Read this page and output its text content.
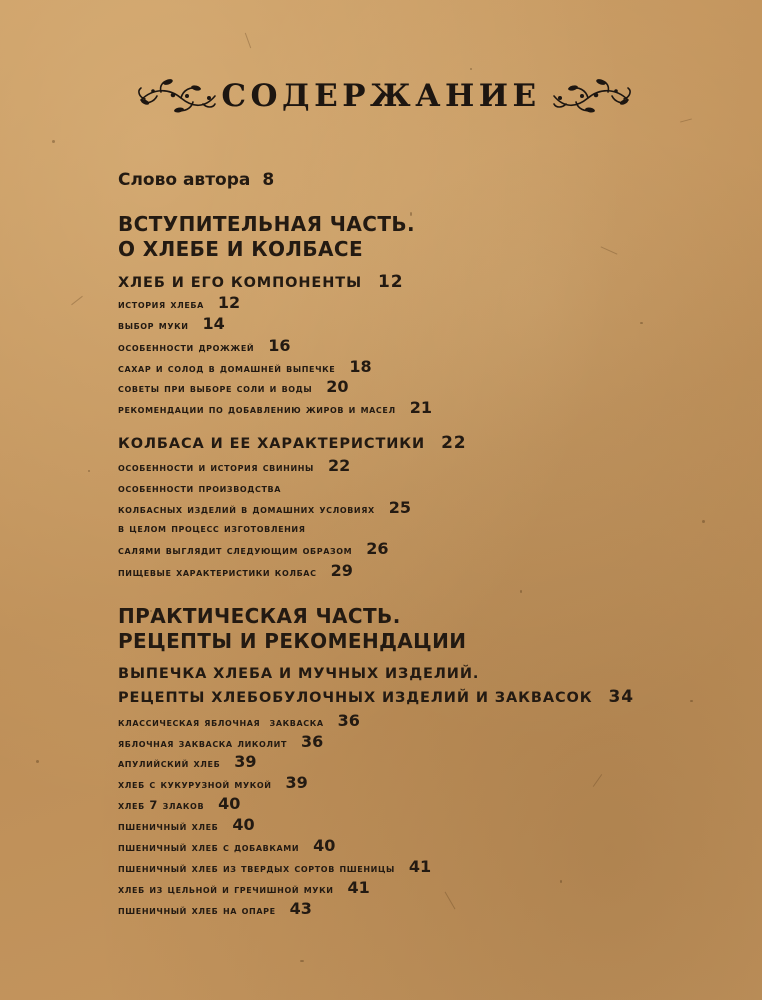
СОДЕРЖАНИЕ
Слово автора 8
ВСТУПИТЕЛЬНАЯ ЧАСТЬ.
О ХЛЕБЕ И КОЛБАСЕ
ХЛЕБ И ЕГО КОМПОНЕНТЫ 12
история хлеба 12
выбор муки 14
особенности дрожжей 16
сахар и солод в домашней выпечке 18
советы при выборе соли и воды 20
рекомендации по добавлению жиров и масел 21
КОЛБАСА И ЕЕ ХАРАКТЕРИСТИКИ 22
особенности и история свинины 22
особенности производства
колбасных изделий в домашних условиях 25
в целом процесс изготовления
салями выглядит следующим образом 26
пищевые характеристики колбас 29
ПРАКТИЧЕСКАЯ ЧАСТЬ.
РЕЦЕПТЫ И РЕКОМЕНДАЦИИ
ВЫПЕЧКА ХЛЕБА И МУЧНЫХ ИЗДЕЛИЙ.
РЕЦЕПТЫ ХЛЕБОБУЛОЧНЫХ ИЗДЕЛИЙ И ЗАКВАСОК 34
классическая яблочная  закваска 36
яблочная закваска ликолит 36
апулийский хлеб 39
хлеб с кукурузной мукой 39
хлеб 7 злаков 40
пшеничный хлеб 40
пшеничный хлеб с добавками 40
пшеничный хлеб из твердых сортов пшеницы 41
хлеб из цельной и гречишной муки 41
пшеничный хлеб на опаре 43
